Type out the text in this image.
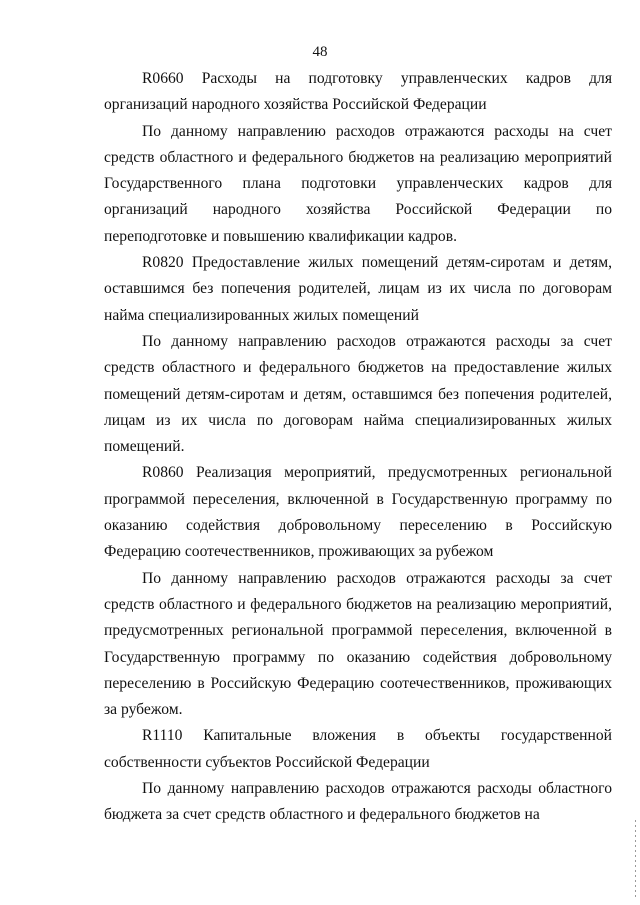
48

R0660 Расходы на подготовку управленческих кадров для организаций народного хозяйства Российской Федерации

По данному направлению расходов отражаются расходы на счет средств областного и федерального бюджетов на реализацию мероприятий Государственного плана подготовки управленческих кадров для организаций народного хозяйства Российской Федерации по переподготовке и повышению квалификации кадров.

R0820 Предоставление жилых помещений детям-сиротам и детям, оставшимся без попечения родителей, лицам из их числа по договорам найма специализированных жилых помещений

По данному направлению расходов отражаются расходы за счет средств областного и федерального бюджетов на предоставление жилых помещений детям-сиротам и детям, оставшимся без попечения родителей, лицам из их числа по договорам найма специализированных жилых помещений.

R0860 Реализация мероприятий, предусмотренных региональной программой переселения, включенной в Государственную программу по оказанию содействия добровольному переселению в Российскую Федерацию соотечественников, проживающих за рубежом

По данному направлению расходов отражаются расходы за счет средств областного и федерального бюджетов на реализацию мероприятий, предусмотренных региональной программой переселения, включенной в Государственную программу по оказанию содействия добровольному переселению в Российскую Федерацию соотечественников, проживающих за рубежом.

R1110 Капитальные вложения в объекты государственной собственности субъектов Российской Федерации

По данному направлению расходов отражаются расходы областного бюджета за счет средств областного и федерального бюджетов на
